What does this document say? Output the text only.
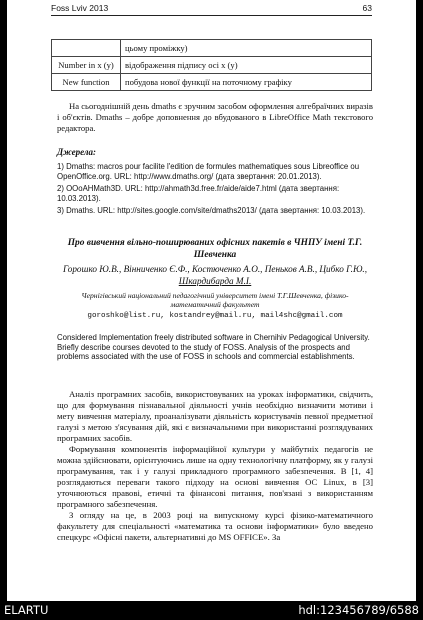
Foss Lviv 2013	63
	цьому проміжку)
Number in x (y)	відображення підпису осі x (y)
New function	побудова нової функції на поточному графіку
На сьогоднішній день dmaths є зручним засобом оформлення алгебраїчних виразів і об'єктів. Dmaths – добре доповнення до вбудованого в LibreOffice Math текстового редактора.
Джерела:

1) Dmaths: macros pour facilite l'edition de formules mathematiques sous Libreoffice ou OpenOffice.org. URL: http://www.dmaths.org/ (дата звертання: 20.01.2013).

2) OOoAHMath3D. URL: http://ahmath3d.free.fr/aide/aide7.html (дата звертання: 10.03.2013).

3) Dmaths. URL: http://sites.google.com/site/dmaths2013/ (дата звертання: 10.03.2013).

Про вивчення вільно-поширюваних офісних пакетів в ЧНПУ імені Т.Г. Шевченка
Горошко Ю.В., Вінниченко Є.Ф., Костюченко А.О., Пеньков А.В., Цибко Г.Ю., Шкардибарда М.І.
Чернігівський національний педагогічний університет імені Т.Г.Шевченка, фізико-математичний факультет
goroshko@list.ru, kostandrey@mail.ru, mail4shc@gmail.com
Considered Implementation freely distributed software in Chernihiv Pedagogical University. Briefly describe courses devoted to the study of FOSS. Analysis of the prospects and problems associated with the use of FOSS in schools and commercial establishments.

Аналіз програмних засобів, використовуваних на уроках інформатики, свідчить, що для формування пізнавальної діяльності учнів необхідно визначити мотиви і мету вивчення матеріалу, проаналізувати діяльність користувачів певної предметної галузі з метою з'ясування дій, які є визначальними при використанні розглядуваних програмних засобів.

Формування компонентів інформаційної культури у майбутніх педагогів не можна здійснювати, орієнтуючись лише на одну технологічну платформу, як у галузі програмування, так і у галузі прикладного програмного забезпечення. В [1, 4] розглядаються переваги такого підходу на основі вивчення ОС Linux, в [3] уточнюються правові, етичні та фінансові питання, пов'язані з використанням програмного забезпечення.

З огляду на це, в 2003 році на випускному курсі фізико-математичного факультету для спеціальності «математика та основи інформатики» було введено спецкурс «Офісні пакети, альтернативні до MS OFFICE». За

ELARTU	hdl:123456789/6588
